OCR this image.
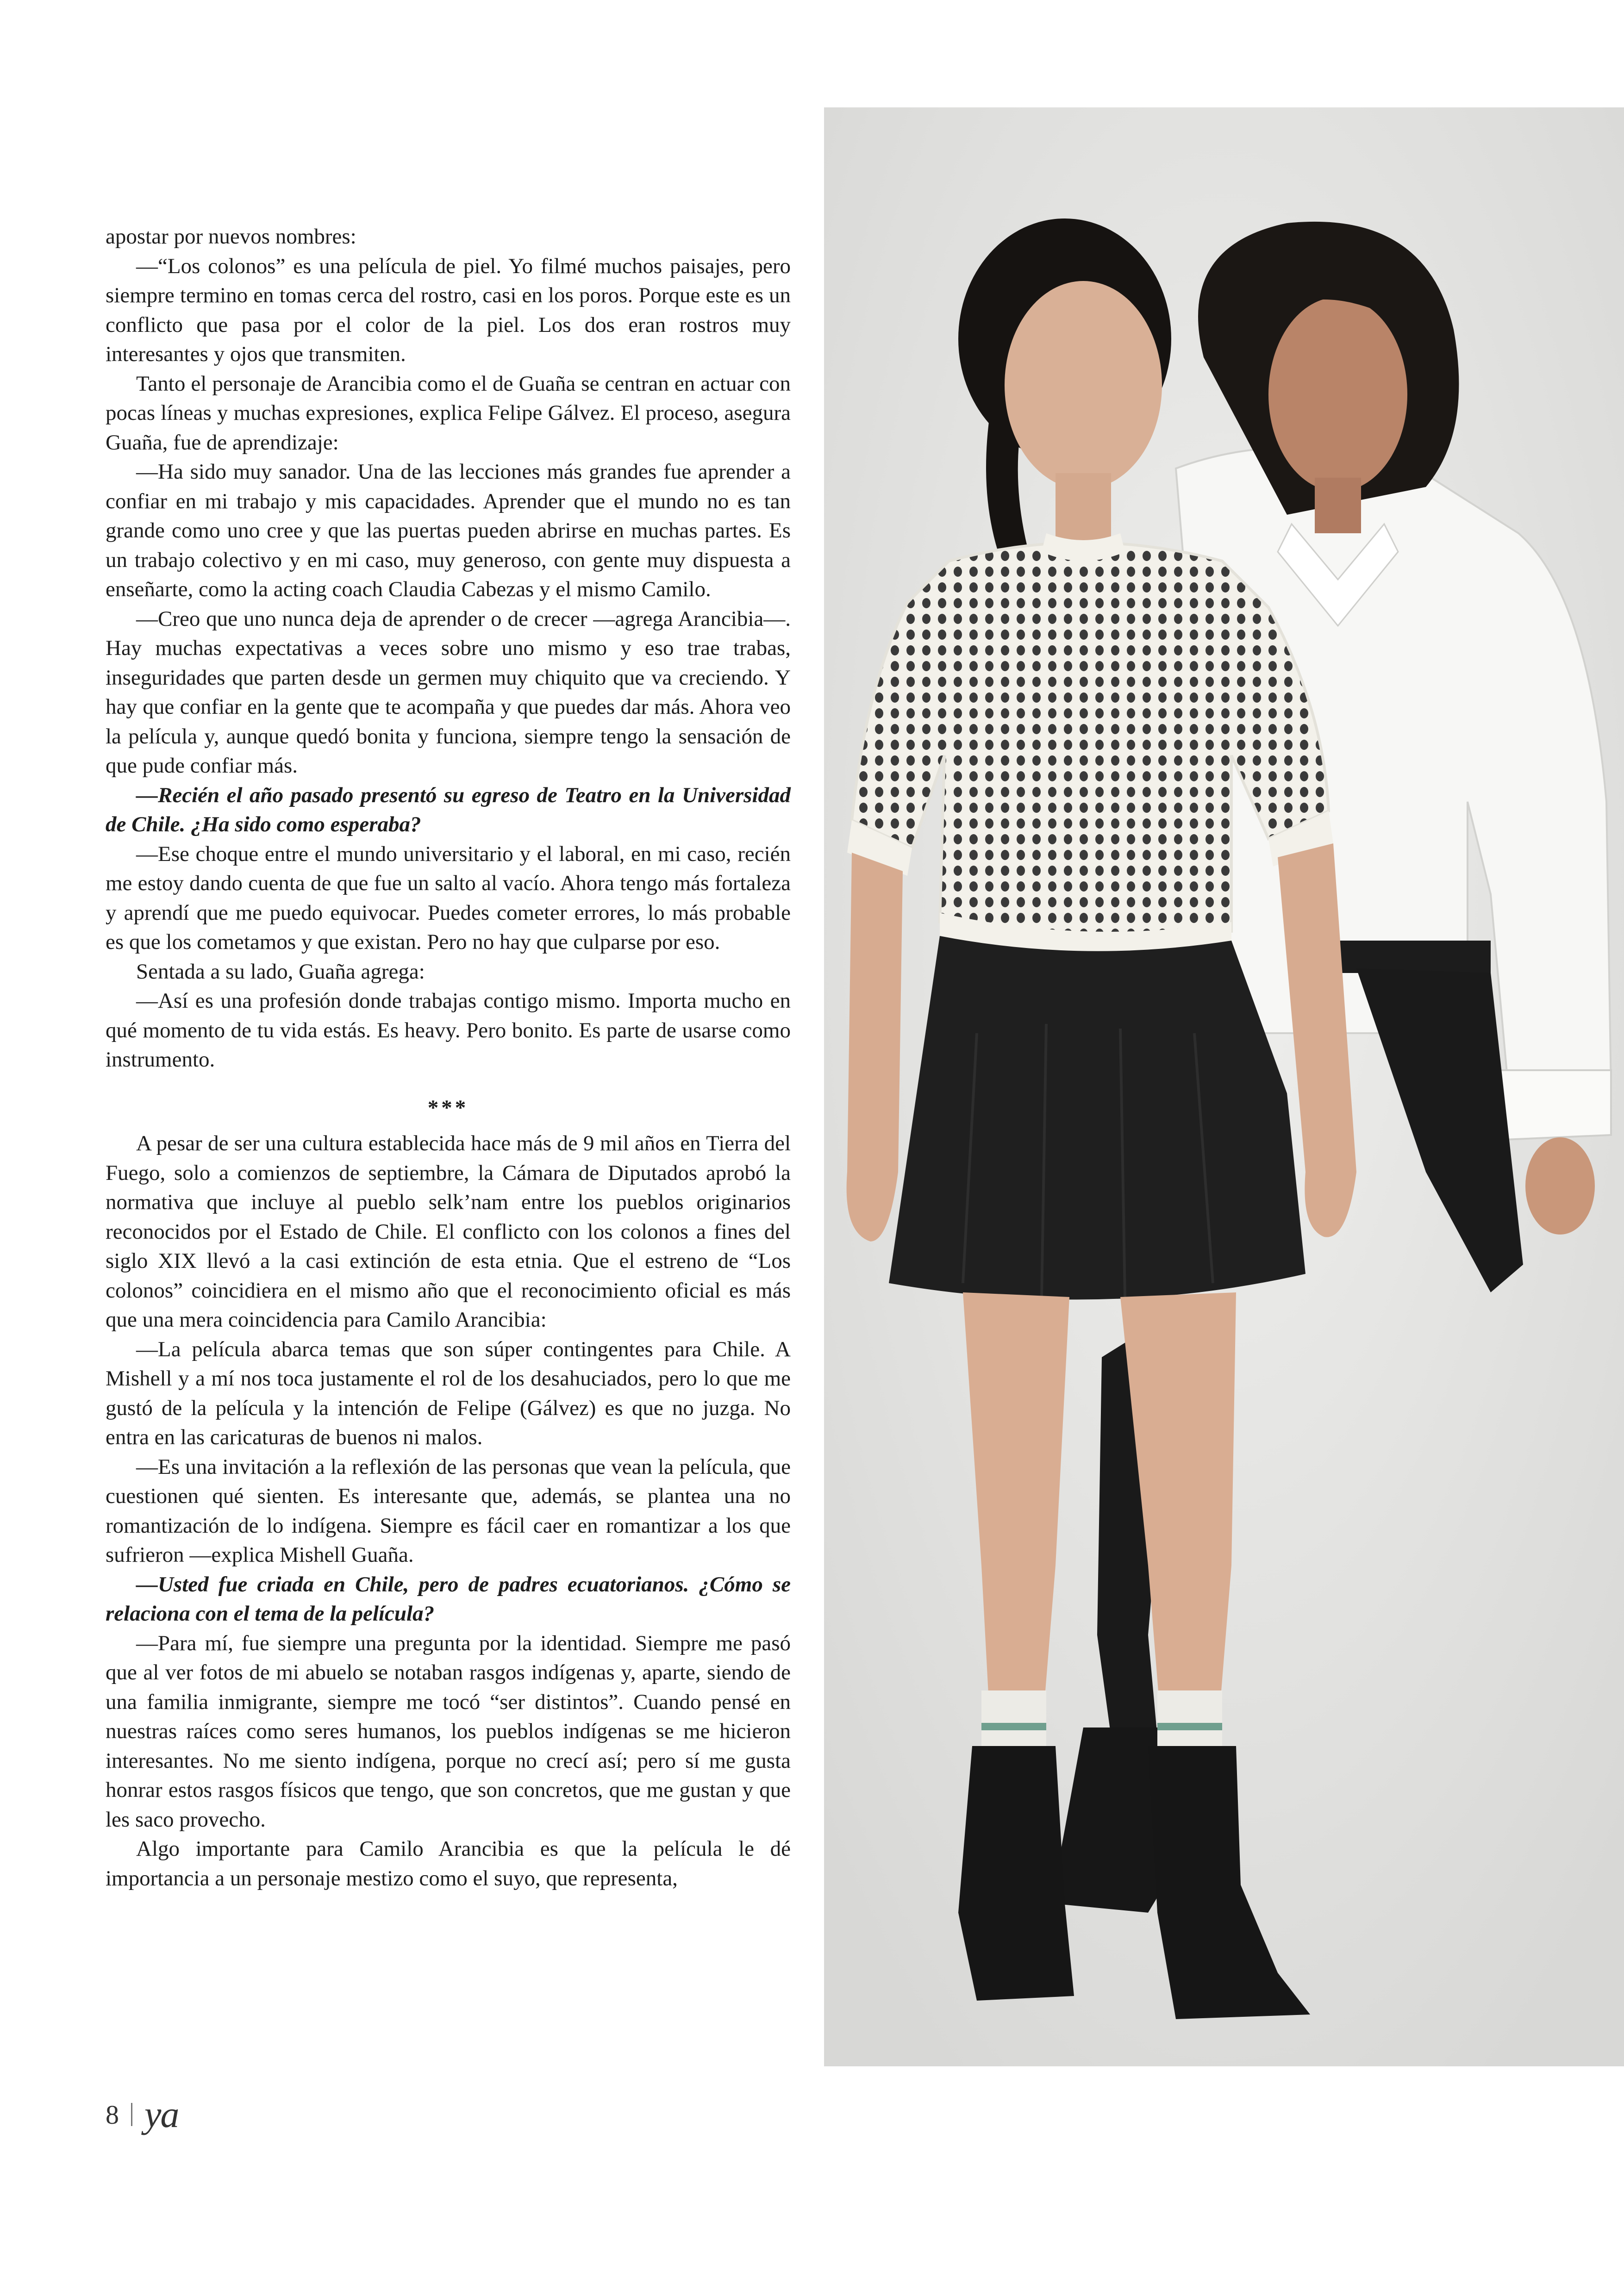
apostar por nuevos nombres:

—“Los colonos” es una película de piel. Yo filmé muchos paisajes, pero siempre termino en tomas cerca del rostro, casi en los poros. Porque este es un conflicto que pasa por el color de la piel. Los dos eran rostros muy interesantes y ojos que transmiten.

Tanto el personaje de Arancibia como el de Guaña se centran en actuar con pocas líneas y muchas expresiones, explica Felipe Gálvez. El proceso, asegura Guaña, fue de aprendizaje:

—Ha sido muy sanador. Una de las lecciones más grandes fue aprender a confiar en mi trabajo y mis capacidades. Aprender que el mundo no es tan grande como uno cree y que las puertas pueden abrirse en muchas partes. Es un trabajo colectivo y en mi caso, muy generoso, con gente muy dispuesta a enseñarte, como la acting coach Claudia Cabezas y el mismo Camilo.

—Creo que uno nunca deja de aprender o de crecer —agrega Arancibia—. Hay muchas expectativas a veces sobre uno mismo y eso trae trabas, inseguridades que parten desde un germen muy chiquito que va creciendo. Y hay que confiar en la gente que te acompaña y que puedes dar más. Ahora veo la película y, aunque quedó bonita y funciona, siempre tengo la sensación de que pude confiar más.

—Recién el año pasado presentó su egreso de Teatro en la Universidad de Chile. ¿Ha sido como esperaba?

—Ese choque entre el mundo universitario y el laboral, en mi caso, recién me estoy dando cuenta de que fue un salto al vacío. Ahora tengo más fortaleza y aprendí que me puedo equivocar. Puedes cometer errores, lo más probable es que los cometamos y que existan. Pero no hay que culparse por eso.

Sentada a su lado, Guaña agrega:

—Así es una profesión donde trabajas contigo mismo. Importa mucho en qué momento de tu vida estás. Es heavy. Pero bonito. Es parte de usarse como instrumento.

***

A pesar de ser una cultura establecida hace más de 9 mil años en Tierra del Fuego, solo a comienzos de septiembre, la Cámara de Diputados aprobó la normativa que incluye al pueblo selk’nam entre los pueblos originarios reconocidos por el Estado de Chile. El conflicto con los colonos a fines del siglo XIX llevó a la casi extinción de esta etnia. Que el estreno de “Los colonos” coincidiera en el mismo año que el reconocimiento oficial es más que una mera coincidencia para Camilo Arancibia:

—La película abarca temas que son súper contingentes para Chile. A Mishell y a mí nos toca justamente el rol de los desahuciados, pero lo que me gustó de la película y la intención de Felipe (Gálvez) es que no juzga. No entra en las caricaturas de buenos ni malos.

—Es una invitación a la reflexión de las personas que vean la película, que cuestionen qué sienten. Es interesante que, además, se plantea una no romantización de lo indígena. Siempre es fácil caer en romantizar a los que sufrieron —explica Mishell Guaña.

—Usted fue criada en Chile, pero de padres ecuatorianos. ¿Cómo se relaciona con el tema de la película?

—Para mí, fue siempre una pregunta por la identidad. Siempre me pasó que al ver fotos de mi abuelo se notaban rasgos indígenas y, aparte, siendo de una familia inmigrante, siempre me tocó “ser distintos”. Cuando pensé en nuestras raíces como seres humanos, los pueblos indígenas se me hicieron interesantes. No me siento indígena, porque no crecí así; pero sí me gusta honrar estos rasgos físicos que tengo, que son concretos, que me gustan y que les saco provecho.

Algo importante para Camilo Arancibia es que la película le dé importancia a un personaje mestizo como el suyo, que representa,

8 ya
